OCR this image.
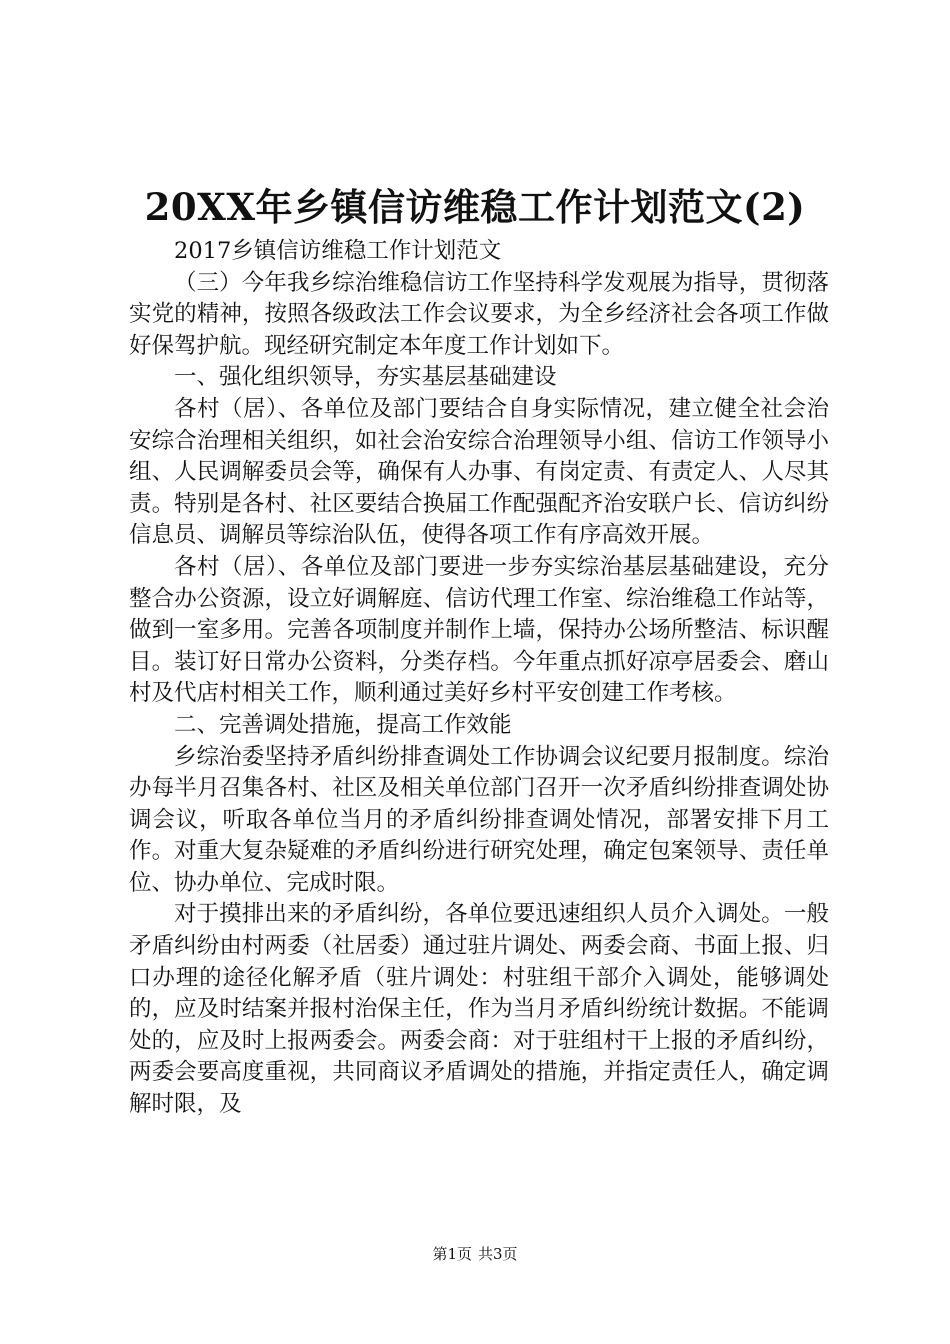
20XX年乡镇信访维稳工作计划范文(2)

2017乡镇信访维稳工作计划范文

（三）今年我乡综治维稳信访工作坚持科学发观展为指导，贯彻落实党的精神，按照各级政法工作会议要求，为全乡经济社会各项工作做好保驾护航。现经研究制定本年度工作计划如下。

一、强化组织领导，夯实基层基础建设

各村（居）、各单位及部门要结合自身实际情况，建立健全社会治安综合治理相关组织，如社会治安综合治理领导小组、信访工作领导小组、人民调解委员会等，确保有人办事、有岗定责、有责定人、人尽其责。特别是各村、社区要结合换届工作配强配齐治安联户长、信访纠纷信息员、调解员等综治队伍，使得各项工作有序高效开展。

各村（居）、各单位及部门要进一步夯实综治基层基础建设，充分整合办公资源，设立好调解庭、信访代理工作室、综治维稳工作站等，做到一室多用。完善各项制度并制作上墙，保持办公场所整洁、标识醒目。装订好日常办公资料，分类存档。今年重点抓好凉亭居委会、磨山村及代店村相关工作，顺利通过美好乡村平安创建工作考核。

二、完善调处措施，提高工作效能

乡综治委坚持矛盾纠纷排查调处工作协调会议纪要月报制度。综治办每半月召集各村、社区及相关单位部门召开一次矛盾纠纷排查调处协调会议，听取各单位当月的矛盾纠纷排查调处情况，部署安排下月工作。对重大复杂疑难的矛盾纠纷进行研究处理，确定包案领导、责任单位、协办单位、完成时限。

对于摸排出来的矛盾纠纷，各单位要迅速组织人员介入调处。一般矛盾纠纷由村两委（社居委）通过驻片调处、两委会商、书面上报、归口办理的途径化解矛盾（驻片调处：村驻组干部介入调处，能够调处的，应及时结案并报村治保主任，作为当月矛盾纠纷统计数据。不能调处的，应及时上报两委会。两委会商：对于驻组村干上报的矛盾纠纷，两委会要高度重视，共同商议矛盾调处的措施，并指定责任人，确定调解时限，及

第1页 共3页
